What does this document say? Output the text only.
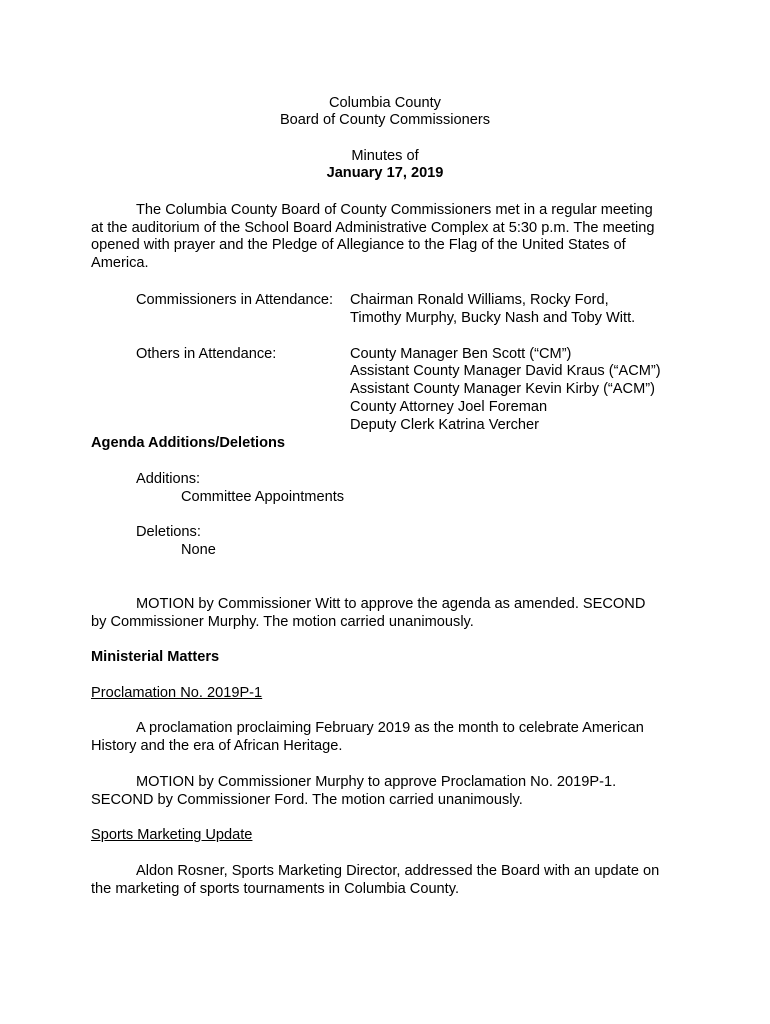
Columbia County
Board of County Commissioners
Minutes of
January 17, 2019
The Columbia County Board of County Commissioners met in a regular meeting
at the auditorium of the School Board Administrative Complex at 5:30 p.m. The meeting
opened with prayer and the Pledge of Allegiance to the Flag of the United States of
America.
Commissioners in Attendance: Chairman Ronald Williams, Rocky Ford,
Timothy Murphy, Bucky Nash and Toby Witt.
Others in Attendance:	County Manager Ben Scott (“CM”)
Assistant County Manager David Kraus (“ACM”)
Assistant County Manager Kevin Kirby (“ACM”)
County Attorney Joel Foreman
Deputy Clerk Katrina Vercher
Agenda Additions/Deletions
Additions:
Committee Appointments
Deletions:
None
MOTION by Commissioner Witt to approve the agenda as amended. SECOND
by Commissioner Murphy. The motion carried unanimously.
Ministerial Matters
Proclamation No. 2019P-1
A proclamation proclaiming February 2019 as the month to celebrate American
History and the era of African Heritage.
MOTION by Commissioner Murphy to approve Proclamation No. 2019P-1.
SECOND by Commissioner Ford. The motion carried unanimously.
Sports Marketing Update
Aldon Rosner, Sports Marketing Director, addressed the Board with an update on
the marketing of sports tournaments in Columbia County.
